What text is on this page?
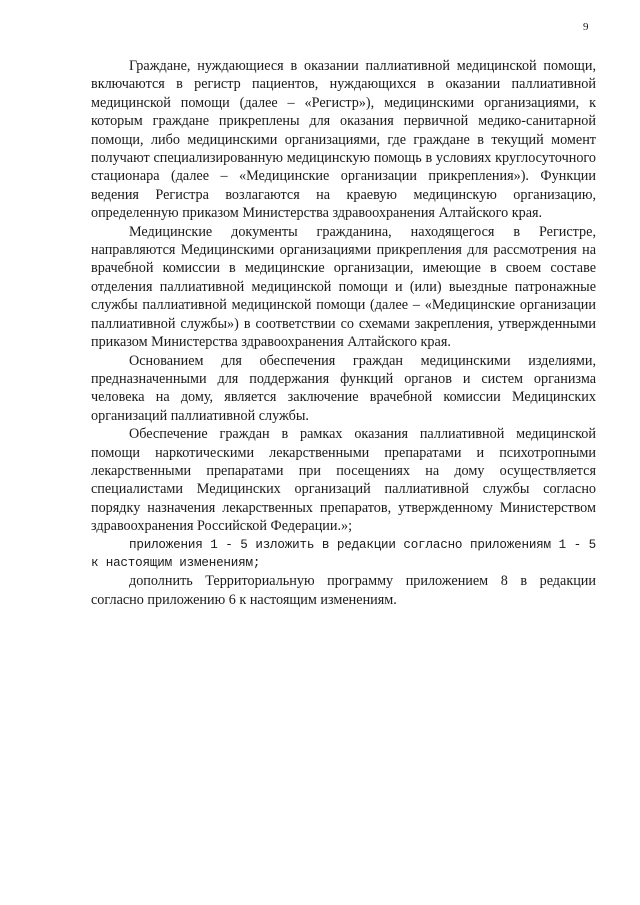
9

Граждане, нуждающиеся в оказании паллиативной медицинской помощи, включаются в регистр пациентов, нуждающихся в оказании паллиативной медицинской помощи (далее – «Регистр»), медицинскими организациями, к которым граждане прикреплены для оказания первичной медико-санитарной помощи, либо медицинскими организациями, где граждане в текущий момент получают специализированную медицинскую помощь в условиях круглосуточного стационара (далее – «Медицинские организации прикрепления»). Функции ведения Регистра возлагаются на краевую медицинскую организацию, определенную приказом Министерства здравоохранения Алтайского края.

Медицинские документы гражданина, находящегося в Регистре, направляются Медицинскими организациями прикрепления для рассмотрения на врачебной комиссии в медицинские организации, имеющие в своем составе отделения паллиативной медицинской помощи и (или) выездные патронажные службы паллиативной медицинской помощи (далее – «Медицинские организации паллиативной службы») в соответствии со схемами закрепления, утвержденными приказом Министерства здравоохранения Алтайского края.

Основанием для обеспечения граждан медицинскими изделиями, предназначенными для поддержания функций органов и систем организма человека на дому, является заключение врачебной комиссии Медицинских организаций паллиативной службы.

Обеспечение граждан в рамках оказания паллиативной медицинской помощи наркотическими лекарственными препаратами и психотропными лекарственными препаратами при посещениях на дому осуществляется специалистами Медицинских организаций паллиативной службы согласно порядку назначения лекарственных препаратов, утвержденному Министерством здравоохранения Российской Федерации.»;

приложения 1 - 5 изложить в редакции согласно приложениям 1 - 5 к настоящим изменениям;

дополнить Территориальную программу приложением 8 в редакции согласно приложению 6 к настоящим изменениям.
